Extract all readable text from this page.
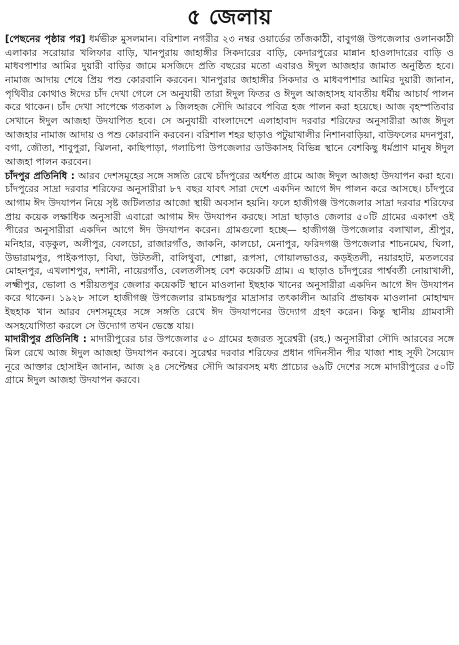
৫ জেলায়

[পেছনের পৃষ্ঠার পর] ধর্মভীরু মুসলমান। বরিশাল নগরীর ২৩ নম্বর ওয়ার্ডের তাঁজকাঠী, বাবুগঞ্জ উপজেলার ওলানকাঠী এলাকার সরোয়ার খলিফার বাড়ি, খানপুরায় জাহাঙ্গীর সিকদারের বাড়ি, কেদারপুরের মান্নান হাওলাদারের বাড়ি ও মাধবপাশার আমির দুয়ারী বাড়ির জামে মসজিদে প্রতি বছরের মতো এবারও ঈদুল আজহার জামাত অনুষ্ঠিত হবে। নামাজ আদায় শেষে প্রিয় পশু কোরবানি করবেন। খানপুরার জাহাঙ্গীর সিকদার ও মাধবপাশার আমির দুয়ারী জানান, পৃথিবীর কোথাও ঈদের চাঁদ দেখা গেলে সে অনুযায়ী তারা ঈদুল ফিতর ও ঈদুল আজহাসহ যাবতীয় ধর্মীয় আচার্য পালন করে থাকেন। চাঁদ দেখা সাপেক্ষে গতকাল ৯ জিলহজ সৌদি আরবে পবিত্র হজ পালন করা হয়েছে। আজ বৃহস্পতিবার সেখানে ঈদুল আজহা উদযাপিত হবে। সে অনুযায়ী বাংলাদেশে এলাহাবাদ দরবার শরিফের অনুসারীরা আজ ঈদুল আজহার নামাজ আদায় ও পশু কোরবানি করবেন। বরিশাল শহর ছাড়াও পটুয়াখালীর নিশানবাড়িয়া, বাউফলের মদনপুরা, বগা, জৌতা, শাবুপুরা, ঝিলনা, কাছিপাড়া, গলাচিপা উপজেলার ডাউকাসহ বিভিন্ন স্থানে বেশকিছু ধর্মপ্রাণ মানুষ ঈদুল আজহা পালন করবেন।

চাঁদপুর প্রতিনিধি : আরব দেশসমূহের সঙ্গে সঙ্গতি রেখে চাঁদপুরের অর্ধশত গ্রামে আজ ঈদুল আজহা উদযাপন করা হবে। চাঁদপুরের সাদ্রা দরবার শরিফের অনুসারীরা ৮৭ বছর যাবৎ সারা দেশে একদিন আগে ঈদ পালন করে আসছে। চাঁদপুরে আগাম ঈদ উদযাপন নিয়ে সৃষ্ট জটিলতার আজো স্থায়ী অবসান হয়নি। ফলে হাজীগঞ্জ উপজেলার সাদ্রা দরবার শরিফের প্রায় কয়েক লক্ষাধিক অনুসারী এবারো আগাম ঈদ উদযাপন করছে। সাদ্রা ছাড়াও জেলার ৫০টি গ্রামের একাংশ ওই পীরের অনুসারীরা একদিন আগে ঈদ উদযাপন করেন। গ্রামগুলো হচ্ছে— হাজীগঞ্জ উপজেলার বলাখাল, শ্রীপুর, মনিহার, বড়কুল, অলীপুর, বেলচো, রাজারগাঁও, জাকনি, কালচো, মেনাপুর, ফরিদগঞ্জ উপজেলার শাচনমেঘ, ঘিলা, উভারামপুর, পাইকপাড়া, বিঘা, উটতলী, বালিথুবা, শোল্লা, রূপসা, গোয়ালভাওর, কড়ইতলী, নয়ারহাট, মতলবের মোহনপুর, এখলাশপুর, দশানী, নায়েরগাঁও, বেলতলীসহ বেশ কয়েকটি গ্রাম। এ ছাড়াও চাঁদপুরের পার্শ্ববর্তী নোয়াখালী, লক্ষ্মীপুর, ভোলা ও শরীয়তপুর জেলার কয়েকটি স্থানে মাওলানা ইছহাক খানের অনুসারীরা একদিন আগে ঈদ উদযাপন করে থাকেন। ১৯২৮ সালে হাজীগঞ্জ উপজেলার রামচন্দ্রপুর মাদ্রাসার তৎকালীন আরবি প্রভাষক মাওলানা মোহাম্মদ ইছহাক খান আরব দেশসমূহের সঙ্গে সঙ্গতি রেখে ঈদ উদযাপনের উদ্যোগ গ্রহণ করেন। কিন্তু স্থানীয় গ্রামবাসী অসহযোগিতা করলে সে উদ্যোগ তখন ভেস্তে যায়।

মাদারীপুর প্রতিনিধি : মাদারীপুরের চার উপজেলার ৫০ গ্রামের হজরত সুরেশ্বরী (রহ.) অনুসারীরা সৌদি আরবের সঙ্গে মিল রেখে আজ ঈদুল আজহা উদযাপন করবে। সুরেশ্বর দরবার শরিফের প্রধান গদিনসীন পীর খাজা শাহ সূফী সৈয়্যেদ নূরে আক্তার হোসাইন জানান, আজ ২৪ সেপ্টেম্বর সৌদি আরবসহ মধ্য প্রাচ্যের ৬৯টি দেশের সঙ্গে মাদারীপুরের ৫০টি গ্রামে ঈদুল আজহা উদযাপন করবে।
